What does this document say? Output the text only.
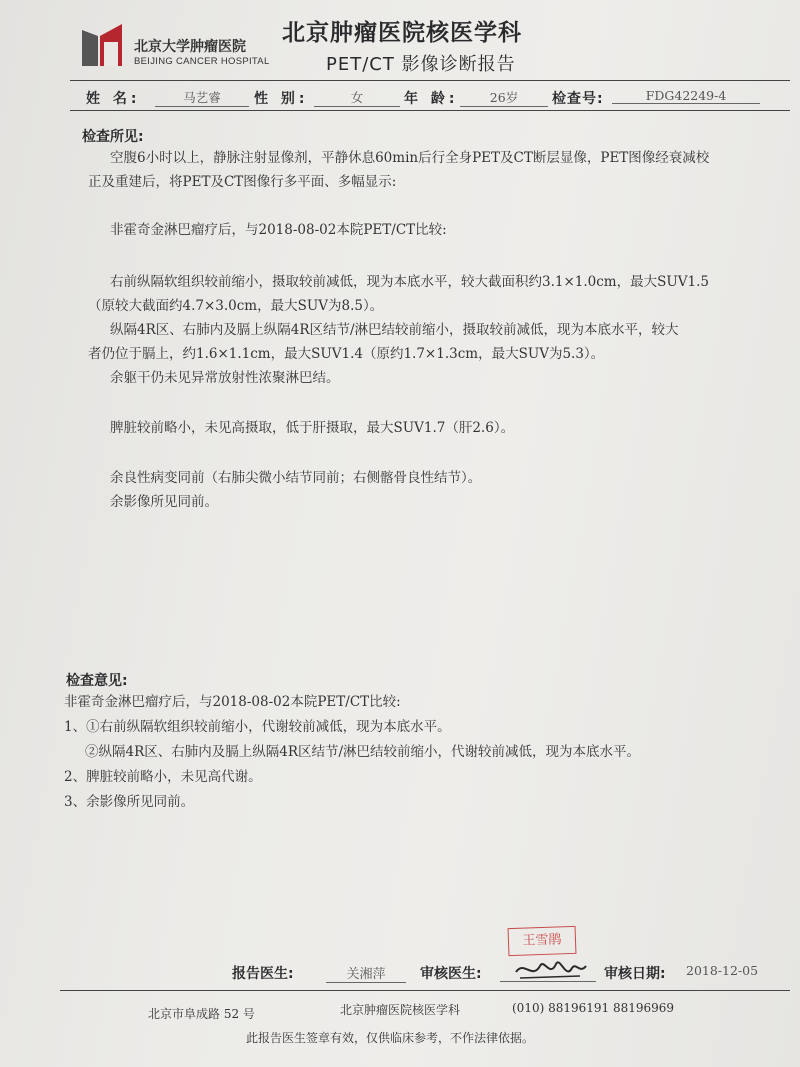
北京大学肿瘤医院
BEIJING CANCER HOSPITAL
北京肿瘤医院核医学科
PET/CT 影像诊断报告
姓 名:	马艺睿	性 别:	女	年 龄:	26岁	检查号:	FDG42249-4
检查所见:
空腹6小时以上，静脉注射显像剂，平静休息60min后行全身PET及CT断层显像，PET图像经衰减校
正及重建后，将PET及CT图像行多平面、多幅显示:
非霍奇金淋巴瘤疗后，与2018-08-02本院PET/CT比较:
右前纵隔软组织较前缩小，摄取较前减低，现为本底水平，较大截面积约3.1×1.0cm，最大SUV1.5
（原较大截面约4.7×3.0cm，最大SUV为8.5）。
纵隔4R区、右肺内及膈上纵隔4R区结节/淋巴结较前缩小，摄取较前减低，现为本底水平，较大
者仍位于膈上，约1.6×1.1cm，最大SUV1.4（原约1.7×1.3cm，最大SUV为5.3）。
余躯干仍未见异常放射性浓聚淋巴结。
脾脏较前略小，未见高摄取，低于肝摄取，最大SUV1.7（肝2.6）。
余良性病变同前（右肺尖微小结节同前；右侧髂骨良性结节）。
余影像所见同前。
检查意见:
非霍奇金淋巴瘤疗后，与2018-08-02本院PET/CT比较:
1、①右前纵隔软组织较前缩小，代谢较前减低，现为本底水平。
②纵隔4R区、右肺内及膈上纵隔4R区结节/淋巴结较前缩小，代谢较前减低，现为本底水平。
2、脾脏较前略小，未见高代谢。
3、余影像所见同前。
王雪鹃
报告医生:	关湘萍	审核医生:	审核日期: 2018-12-05
北京市阜成路 52 号	北京肿瘤医院核医学科	(010) 88196191 88196969
此报告医生签章有效，仅供临床参考，不作法律依据。
